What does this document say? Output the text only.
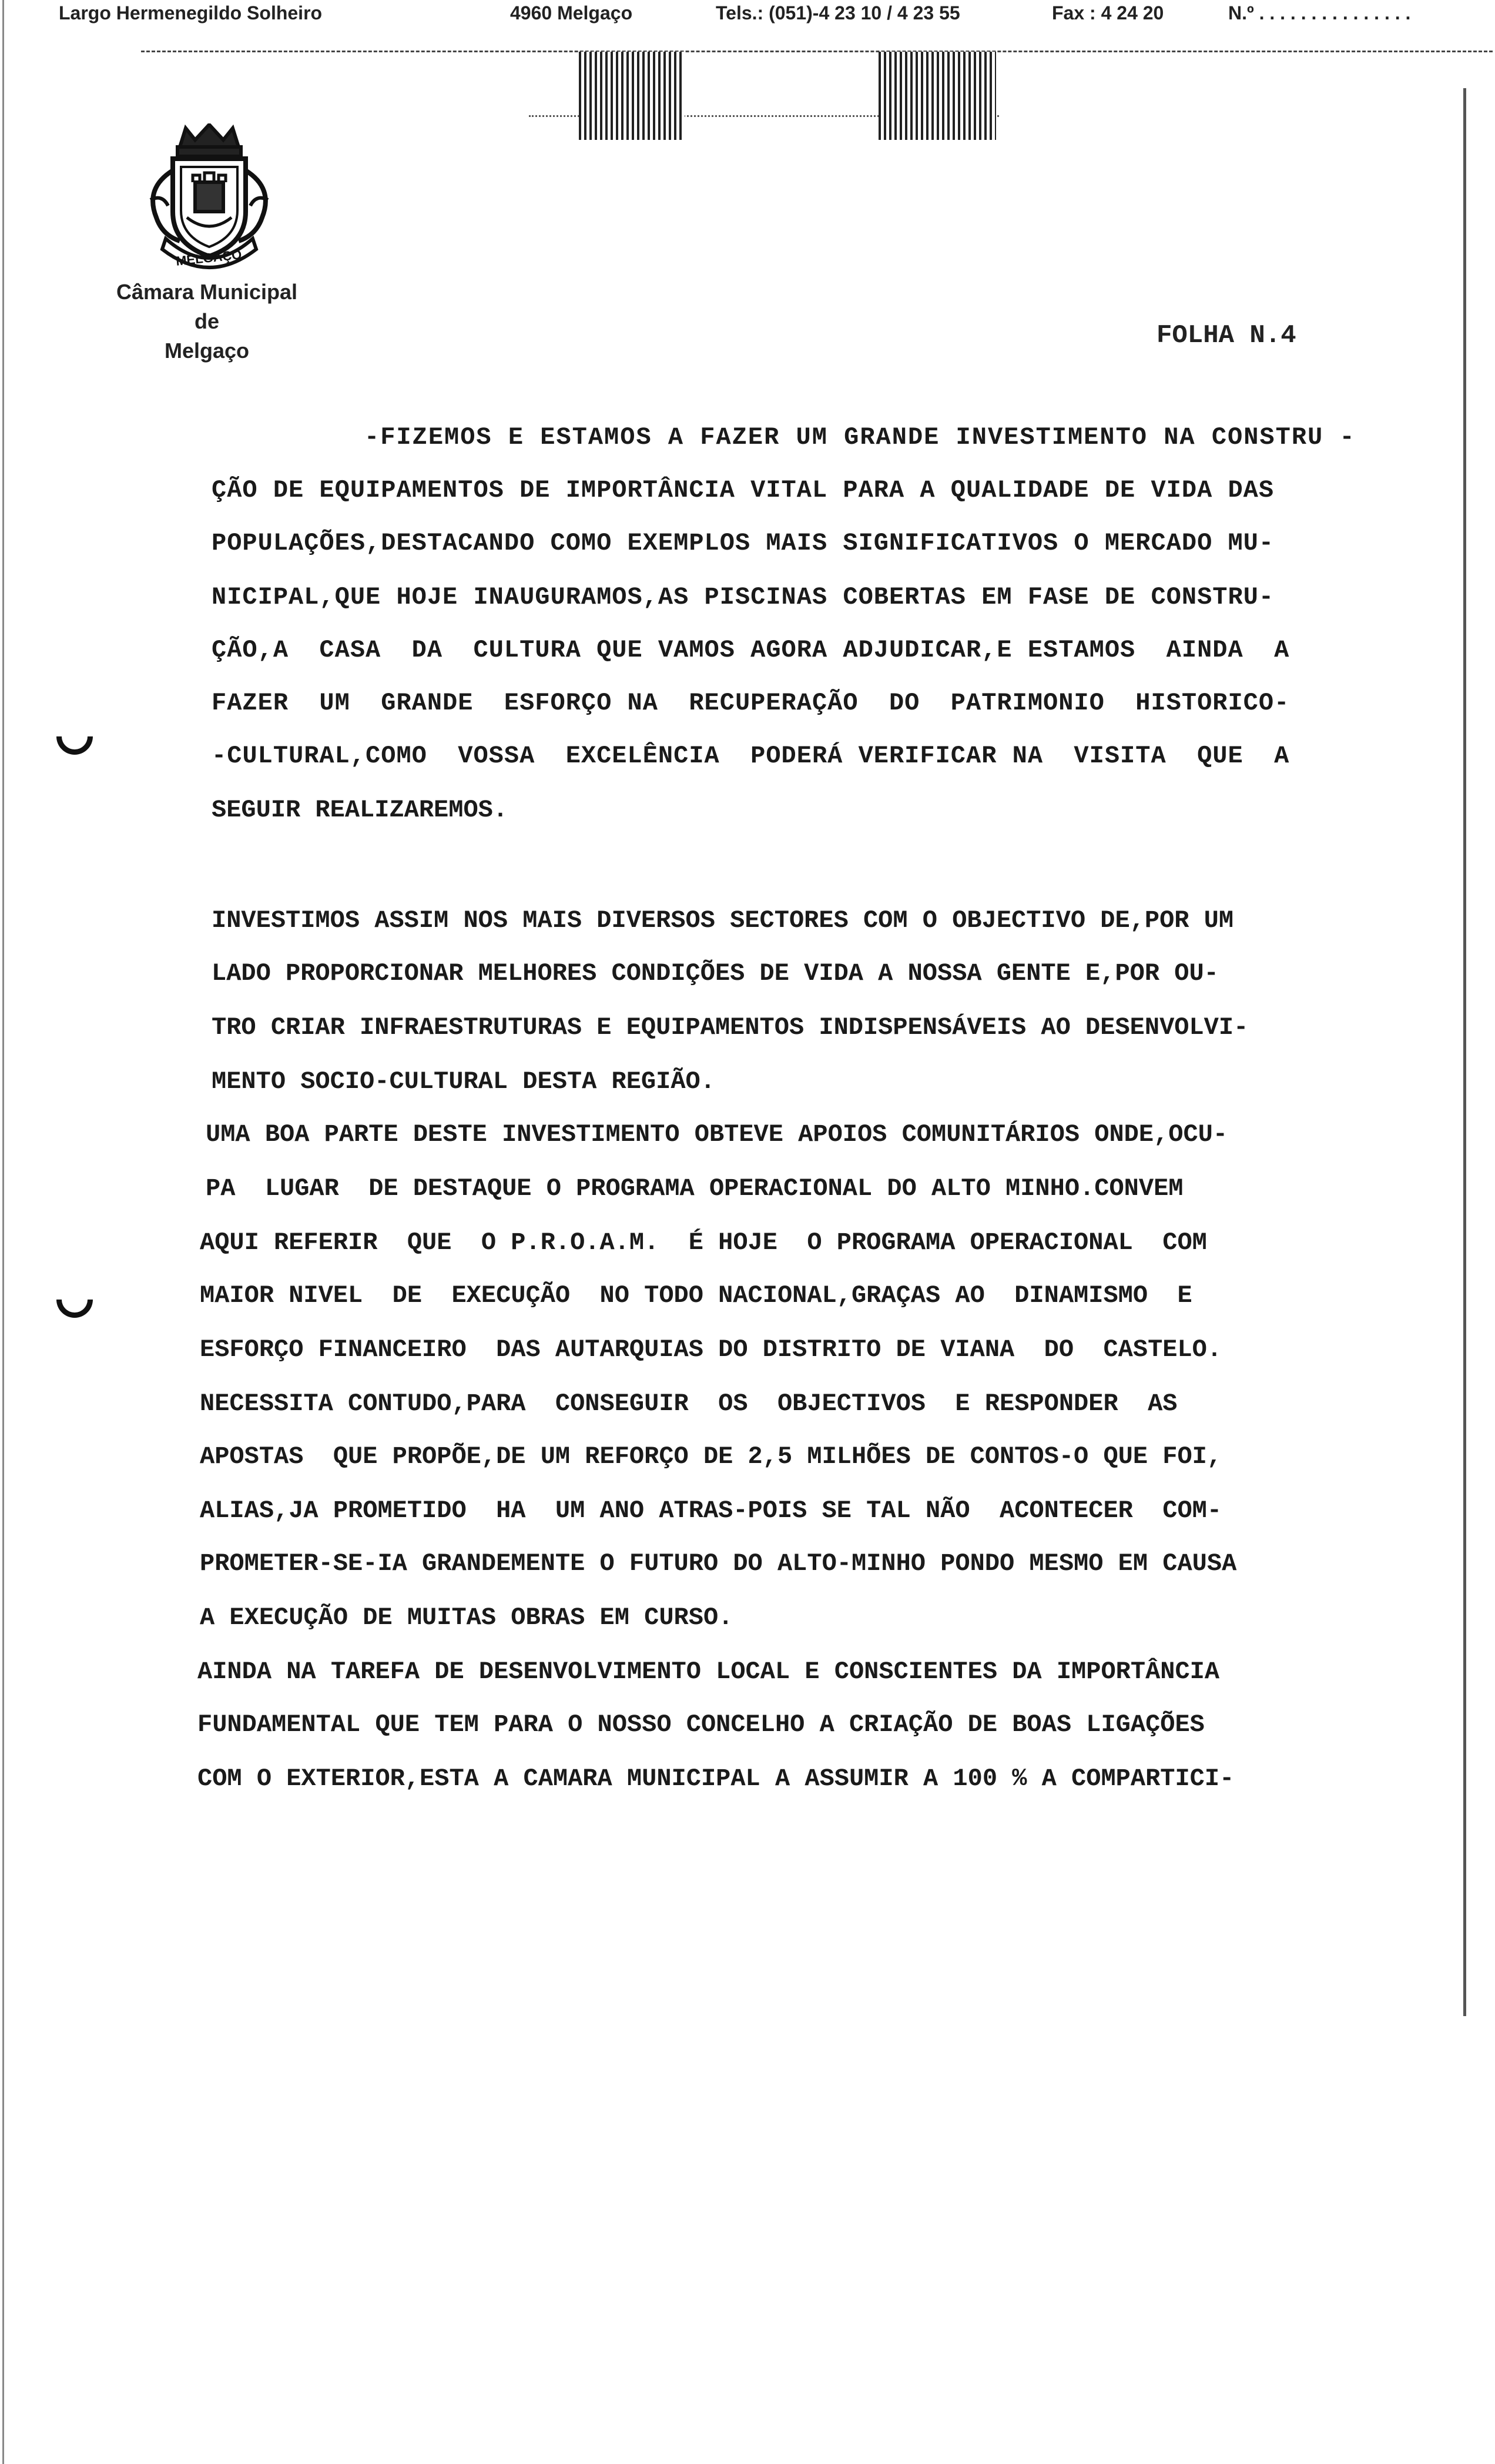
Largo Hermenegildo Solheiro	4960 Melgaço	Tels.: (051)-4 23 10 / 4 23 55	Fax : 4 24 20	N.º . . . . . . . . . . . . . . .
MELGAÇO
Câmara Municipal
de
Melgaço
FOLHA N.4
-FIZEMOS E ESTAMOS A FAZER UM GRANDE INVESTIMENTO NA CONSTRU -
ÇÃO DE EQUIPAMENTOS DE IMPORTÂNCIA VITAL PARA A QUALIDADE DE VIDA DAS
POPULAÇÕES,DESTACANDO COMO EXEMPLOS MAIS SIGNIFICATIVOS O MERCADO MU-
NICIPAL,QUE HOJE INAUGURAMOS,AS PISCINAS COBERTAS EM FASE DE CONSTRU-
ÇÃO,A  CASA  DA  CULTURA QUE VAMOS AGORA ADJUDICAR,E ESTAMOS  AINDA  A
FAZER  UM  GRANDE  ESFORÇO NA  RECUPERAÇÃO  DO  PATRIMONIO  HISTORICO-
-CULTURAL,COMO  VOSSA  EXCELÊNCIA  PODERÁ VERIFICAR NA  VISITA  QUE  A
SEGUIR REALIZAREMOS.
INVESTIMOS ASSIM NOS MAIS DIVERSOS SECTORES COM O OBJECTIVO DE,POR UM
LADO PROPORCIONAR MELHORES CONDIÇÕES DE VIDA A NOSSA GENTE E,POR OU-
TRO CRIAR INFRAESTRUTURAS E EQUIPAMENTOS INDISPENSÁVEIS AO DESENVOLVI-
MENTO SOCIO-CULTURAL DESTA REGIÃO.
UMA BOA PARTE DESTE INVESTIMENTO OBTEVE APOIOS COMUNITÁRIOS ONDE,OCU-
PA  LUGAR  DE DESTAQUE O PROGRAMA OPERACIONAL DO ALTO MINHO.CONVEM
AQUI REFERIR  QUE  O P.R.O.A.M.  É HOJE  O PROGRAMA OPERACIONAL  COM
MAIOR NIVEL  DE  EXECUÇÃO  NO TODO NACIONAL,GRAÇAS AO  DINAMISMO  E
ESFORÇO FINANCEIRO  DAS AUTARQUIAS DO DISTRITO DE VIANA  DO  CASTELO.
NECESSITA CONTUDO,PARA  CONSEGUIR  OS  OBJECTIVOS  E RESPONDER  AS
APOSTAS  QUE PROPÕE,DE UM REFORÇO DE 2,5 MILHÕES DE CONTOS-O QUE FOI,
ALIAS,JA PROMETIDO  HA  UM ANO ATRAS-POIS SE TAL NÃO  ACONTECER  COM-
PROMETER-SE-IA GRANDEMENTE O FUTURO DO ALTO-MINHO PONDO MESMO EM CAUSA
A EXECUÇÃO DE MUITAS OBRAS EM CURSO.
AINDA NA TAREFA DE DESENVOLVIMENTO LOCAL E CONSCIENTES DA IMPORTÂNCIA
FUNDAMENTAL QUE TEM PARA O NOSSO CONCELHO A CRIAÇÃO DE BOAS LIGAÇÕES
COM O EXTERIOR,ESTA A CAMARA MUNICIPAL A ASSUMIR A 100 % A COMPARTICI-
